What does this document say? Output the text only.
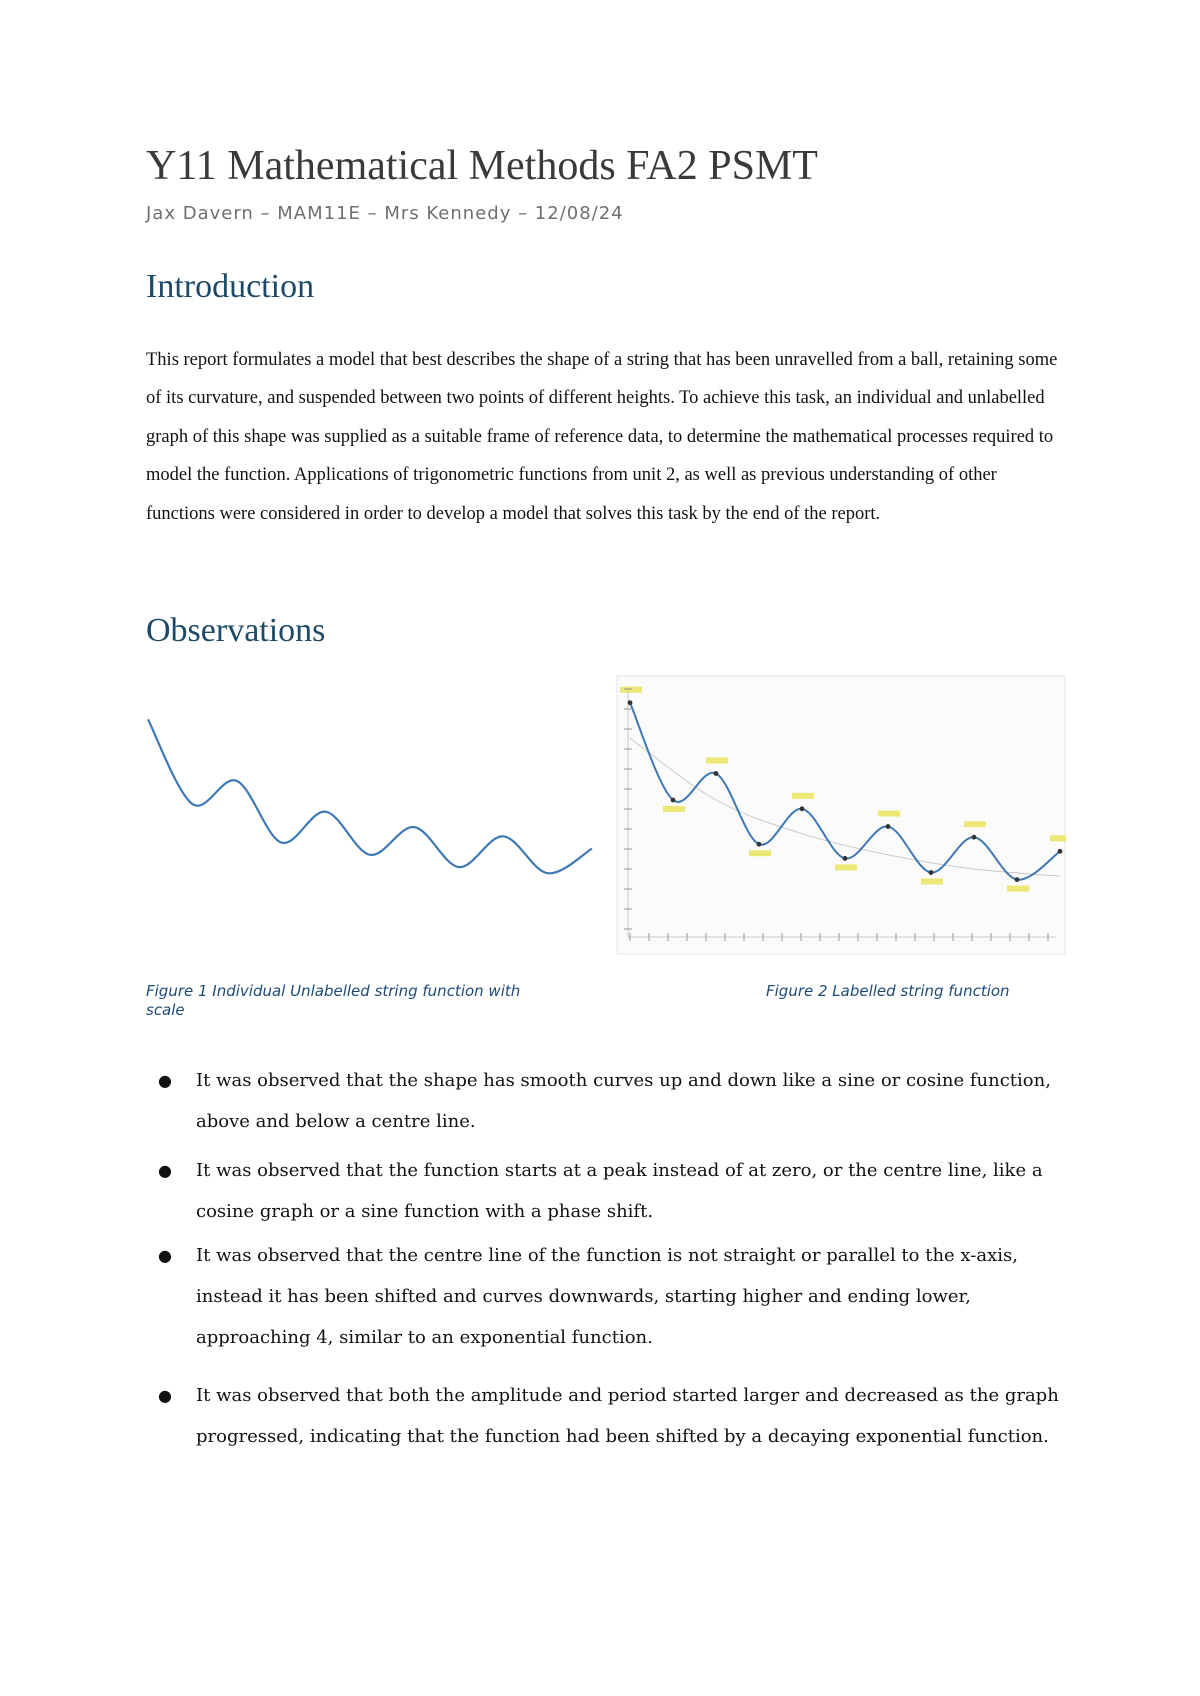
Y11 Mathematical Methods FA2 PSMT
Jax Davern – MAM11E – Mrs Kennedy – 12/08/24
Introduction

This report formulates a model that best describes the shape of a string that has been unravelled from a ball, retaining some of its curvature, and suspended between two points of different heights. To achieve this task, an individual and unlabelled graph of this shape was supplied as a suitable frame of reference data, to determine the mathematical processes required to model the function. Applications of trigonometric functions from unit 2, as well as previous understanding of other functions were considered in order to develop a model that solves this task by the end of the report.

Observations
Figure 1 Individual Unlabelled string function with scale
Figure 2 Labelled string function
● It was observed that the shape has smooth curves up and down like a sine or cosine function, above and below a centre line.
● It was observed that the function starts at a peak instead of at zero, or the centre line, like a cosine graph or a sine function with a phase shift.
● It was observed that the centre line of the function is not straight or parallel to the x-axis, instead it has been shifted and curves downwards, starting higher and ending lower, approaching 4, similar to an exponential function.
● It was observed that both the amplitude and period started larger and decreased as the graph progressed, indicating that the function had been shifted by a decaying exponential function.
